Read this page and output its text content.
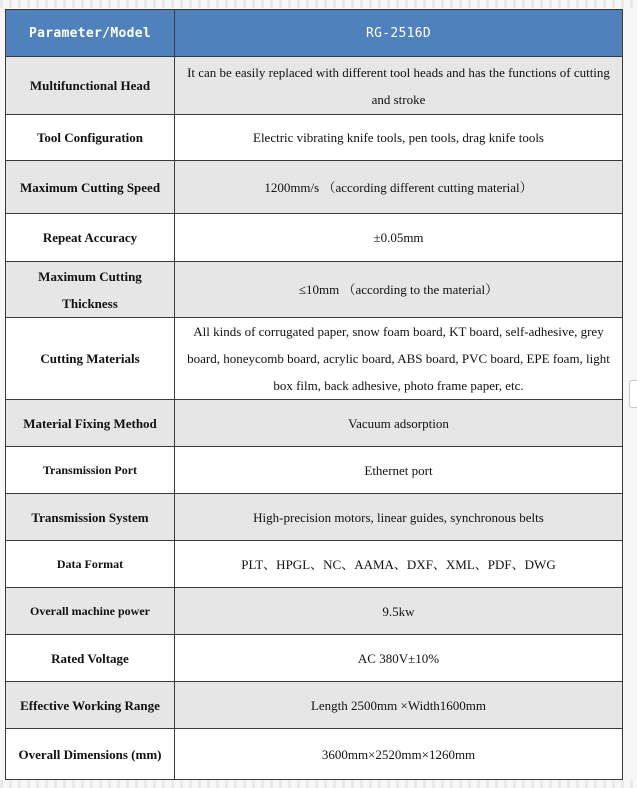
Parameter/Model	RG-2516D
Multifunctional Head	It can be easily replaced with different tool heads and has the functions of cutting and stroke
Tool Configuration	Electric vibrating knife tools, pen tools, drag knife tools
Maximum Cutting Speed	1200mm/s （according different cutting material）
Repeat Accuracy	±0.05mm
Maximum Cutting Thickness	≤10mm （according to the material）
Cutting Materials	All kinds of corrugated paper, snow foam board, KT board, self-adhesive, grey board, honeycomb board, acrylic board, ABS board, PVC board, EPE foam, light box film, back adhesive, photo frame paper, etc.
Material Fixing Method	Vacuum adsorption
Transmission Port	Ethernet port
Transmission System	High-precision motors, linear guides, synchronous belts
Data Format	PLT、HPGL、NC、AAMA、DXF、XML、PDF、DWG
Overall machine power	9.5kw
Rated Voltage	AC 380V±10%
Effective Working Range	Length 2500mm ×Width1600mm
Overall Dimensions (mm)	3600mm×2520mm×1260mm
